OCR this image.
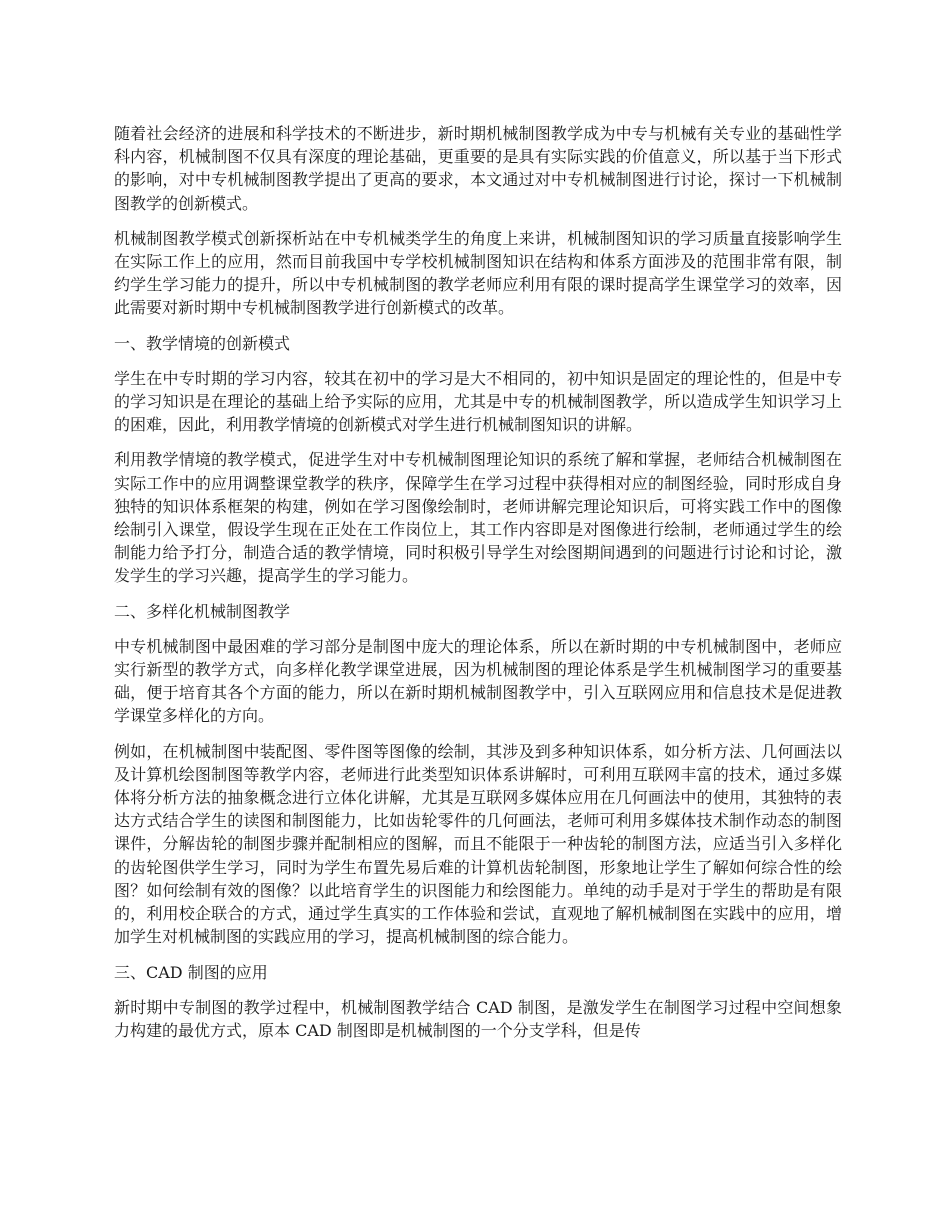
随着社会经济的进展和科学技术的不断进步，新时期机械制图教学成为中专与机械有关专业的基础性学科内容，机械制图不仅具有深度的理论基础，更重要的是具有实际实践的价值意义，所以基于当下形式的影响，对中专机械制图教学提出了更高的要求，本文通过对中专机械制图进行讨论，探讨一下机械制图教学的创新模式。

机械制图教学模式创新探析站在中专机械类学生的角度上来讲，机械制图知识的学习质量直接影响学生在实际工作上的应用，然而目前我国中专学校机械制图知识在结构和体系方面涉及的范围非常有限，制约学生学习能力的提升，所以中专机械制图的教学老师应利用有限的课时提高学生课堂学习的效率，因此需要对新时期中专机械制图教学进行创新模式的改革。

一、教学情境的创新模式

学生在中专时期的学习内容，较其在初中的学习是大不相同的，初中知识是固定的理论性的，但是中专的学习知识是在理论的基础上给予实际的应用，尤其是中专的机械制图教学，所以造成学生知识学习上的困难，因此，利用教学情境的创新模式对学生进行机械制图知识的讲解。

利用教学情境的教学模式，促进学生对中专机械制图理论知识的系统了解和掌握，老师结合机械制图在实际工作中的应用调整课堂教学的秩序，保障学生在学习过程中获得相对应的制图经验，同时形成自身独特的知识体系框架的构建，例如在学习图像绘制时，老师讲解完理论知识后，可将实践工作中的图像绘制引入课堂，假设学生现在正处在工作岗位上，其工作内容即是对图像进行绘制，老师通过学生的绘制能力给予打分，制造合适的教学情境，同时积极引导学生对绘图期间遇到的问题进行讨论和讨论，激发学生的学习兴趣，提高学生的学习能力。

二、多样化机械制图教学

中专机械制图中最困难的学习部分是制图中庞大的理论体系，所以在新时期的中专机械制图中，老师应实行新型的教学方式，向多样化教学课堂进展，因为机械制图的理论体系是学生机械制图学习的重要基础，便于培育其各个方面的能力，所以在新时期机械制图教学中，引入互联网应用和信息技术是促进教学课堂多样化的方向。

例如，在机械制图中装配图、零件图等图像的绘制，其涉及到多种知识体系，如分析方法、几何画法以及计算机绘图制图等教学内容，老师进行此类型知识体系讲解时，可利用互联网丰富的技术，通过多媒体将分析方法的抽象概念进行立体化讲解，尤其是互联网多媒体应用在几何画法中的使用，其独特的表达方式结合学生的读图和制图能力，比如齿轮零件的几何画法，老师可利用多媒体技术制作动态的制图课件，分解齿轮的制图步骤并配制相应的图解，而且不能限于一种齿轮的制图方法，应适当引入多样化的齿轮图供学生学习，同时为学生布置先易后难的计算机齿轮制图，形象地让学生了解如何综合性的绘图？如何绘制有效的图像？以此培育学生的识图能力和绘图能力。单纯的动手是对于学生的帮助是有限的，利用校企联合的方式，通过学生真实的工作体验和尝试，直观地了解机械制图在实践中的应用，增加学生对机械制图的实践应用的学习，提高机械制图的综合能力。

三、CAD 制图的应用

新时期中专制图的教学过程中，机械制图教学结合 CAD 制图，是激发学生在制图学习过程中空间想象力构建的最优方式，原本 CAD 制图即是机械制图的一个分支学科，但是传
